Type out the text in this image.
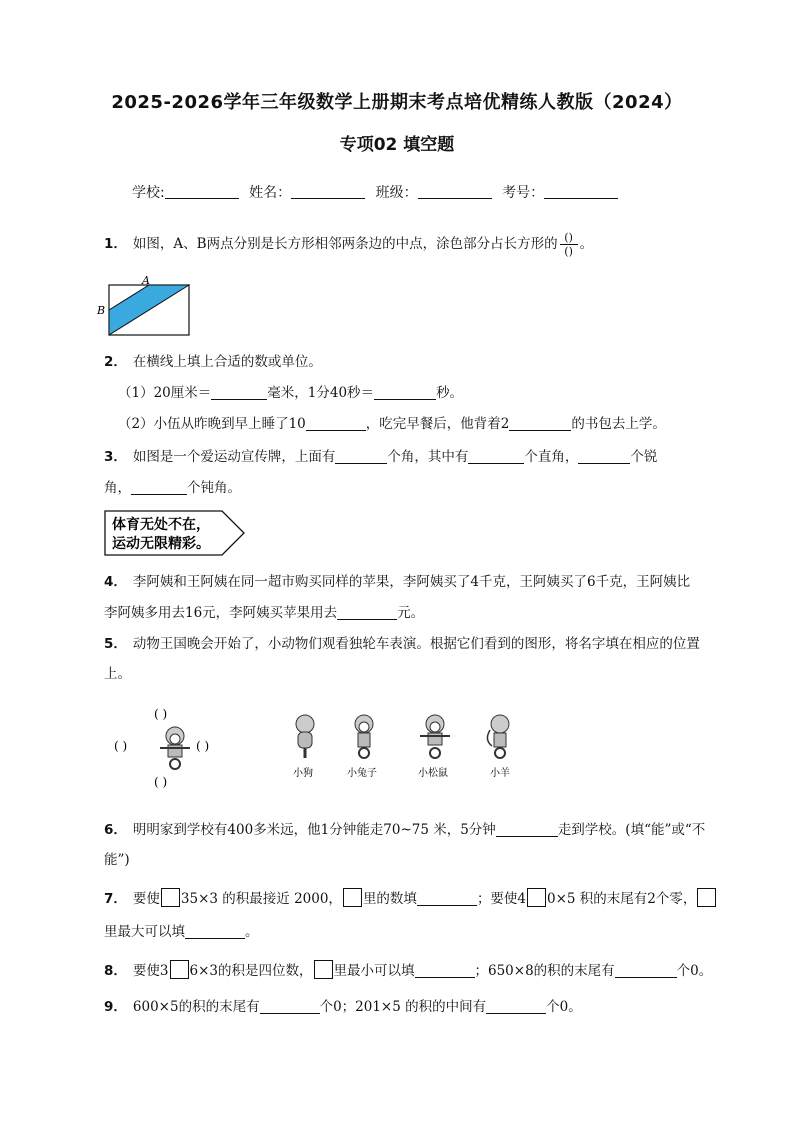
2025-2026学年三年级数学上册期末考点培优精练人教版（2024）
专项02 填空题
学校:	姓名：	班级：	考号：
1． 如图，A、B两点分别是长方形相邻两条边的中点，涂色部分占长方形的 $\frac{()}{()}$ 。
A
B
2． 在横线上填上合适的数或单位。
（1）20厘米＝	毫米，1分40秒＝	秒。
（2）小伍从昨晚到早上睡了10	，吃完早餐后，他背着2	的书包去上学。
3． 如图是一个爱运动宣传牌，上面有	个角，其中有	个直角，	个锐
角，	个钝角。
体育无处不在，
运动无限精彩。
4． 李阿姨和王阿姨在同一超市购买同样的苹果，李阿姨买了4千克，王阿姨买了6千克，王阿姨比
李阿姨多用去16元，李阿姨买苹果用去	元。
5． 动物王国晚会开始了，小动物们观看独轮车表演。根据它们看到的图形，将名字填在相应的位置
上。
( )
( )	( )
( )
小狗	小兔子	小松鼠	小羊
6． 明明家到学校有400多米远，他1分钟能走70~75 米，5分钟	走到学校。(填“能”或“不
能”)
7． 要使 35×3 的积最接近 2000， 里的数填	；要使4 0×5 积的末尾有2个零，
里最大可以填	。
8． 要使3 6×3的积是四位数， 里最小可以填	；650×8的积的末尾有	个0。
9． 600×5的积的末尾有	个0；201×5 的积的中间有	个0。
